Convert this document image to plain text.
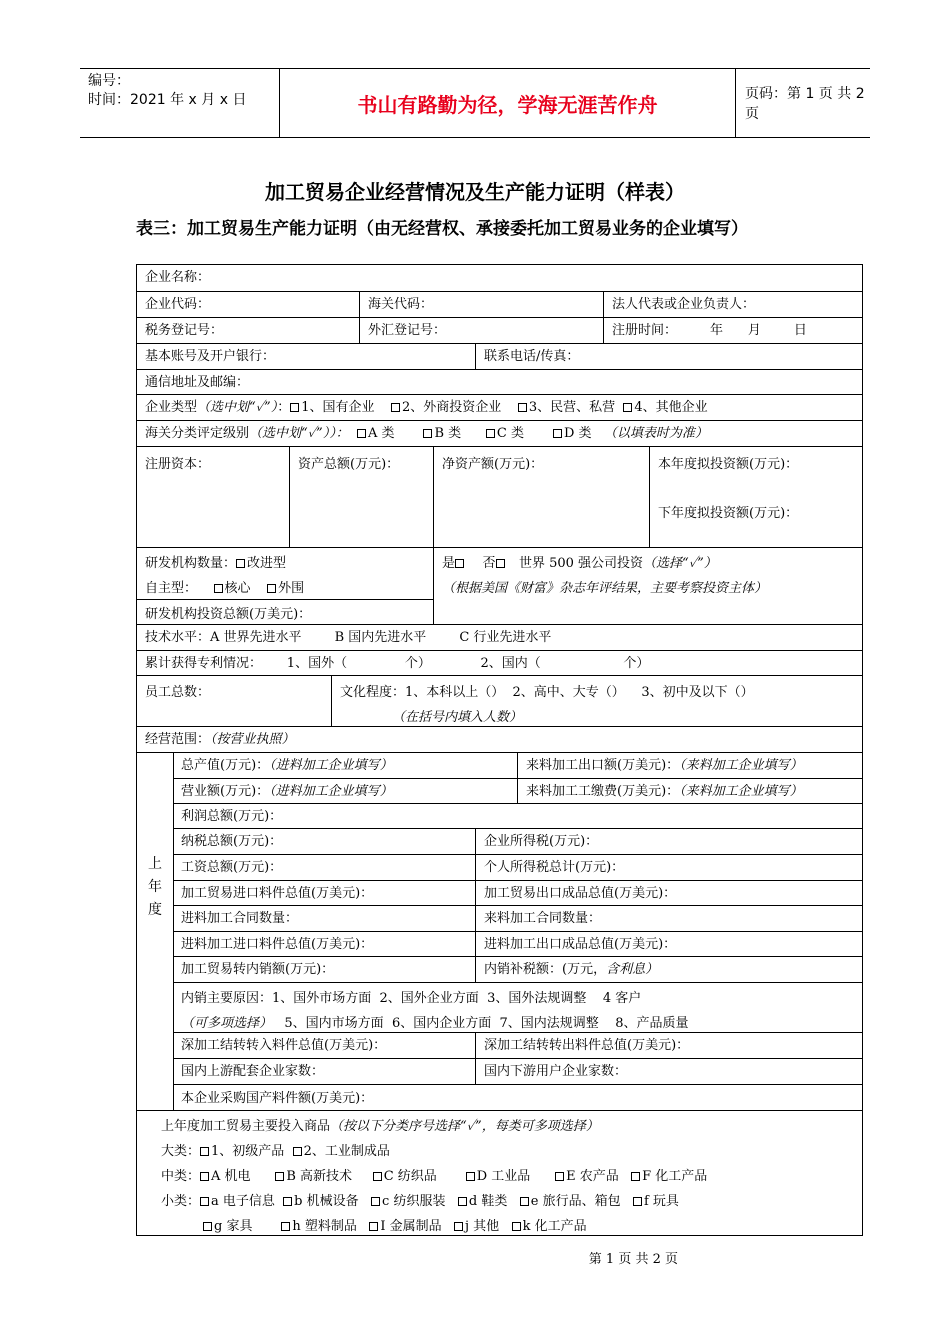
编号：
时间：2021 年 x 月 x 日	书山有路勤为径，学海无涯苦作舟	页码：第 1 页 共 2 页
加工贸易企业经营情况及生产能力证明（样表）
表三：加工贸易生产能力证明（由无经营权、承接委托加工贸易业务的企业填写）
企业名称：
企业代码：	海关代码：	法人代表或企业负责人：
税务登记号：	外汇登记号：	注册时间：        年      月        日
基本账号及开户银行：	联系电话/传真：
通信地址及邮编：
企业类型（选中划“✓”）： 1、国有企业 2、外商投资企业 3、民营、私营 4、其他企业
海关分类评定级别（选中划“✓”））： A 类	B 类	C 类	D 类 （以填表时为准）
注册资本：	资产总额(万元)：	净资产额(万元)：	本年度拟投资额(万元)：
下年度拟投资额(万元)：
研发机构数量： 改进型
自主型： 核心 外围
研发机构投资总额(万美元)：
是 否 世界 500 强公司投资（选择“✓”）
（根据美国《财富》杂志年评结果，主要考察投资主体）
技术水平：A 世界先进水平        B 国内先进水平        C 行业先进水平
累计获得专利情况：      1、国外（              个）            2、国内（                    个）
员工总数：	文化程度：1、本科以上（）  2、高中、大专（）    3、初中及以下（）
（在括号内填入人数）
经营范围：（按营业执照）
上
年
度
总产值(万元)：（进料加工企业填写）	来料加工出口额(万美元)：（来料加工企业填写）
营业额(万元)：（进料加工企业填写）	来料加工工缴费(万美元)：（来料加工企业填写）
利润总额(万元)：
纳税总额(万元)：	企业所得税(万元)：
工资总额(万元)：	个人所得税总计(万元)：
加工贸易进口料件总值(万美元)：	加工贸易出口成品总值(万美元)：
进料加工合同数量：	来料加工合同数量：
进料加工进口料件总值(万美元)：	进料加工出口成品总值(万美元)：
加工贸易转内销额(万元)：	内销补税额：(万元，含利息）
内销主要原因：1、国外市场方面  2、国外企业方面  3、国外法规调整    4 客户
（可多项选择）   5、国内市场方面  6、国内企业方面  7、国内法规调整    8、产品质量
深加工结转转入料件总值(万美元)：	深加工结转转出料件总值(万美元)：
国内上游配套企业家数：	国内下游用户企业家数：
本企业采购国产料件额(万美元)：
上年度加工贸易主要投入商品（按以下分类序号选择“✓”，每类可多项选择）
大类： 1、初级产品 2、工业制成品
中类： A 机电	B 高新技术 C 纺织品	D 工业品	E 农产品 F 化工产品
小类： a 电子信息 b 机械设备 c 纺织服装 d 鞋类 e 旅行品、箱包 f 玩具
g 家具	h 塑料制品 I 金属制品 j 其他 k 化工产品
第 1 页 共 2 页
